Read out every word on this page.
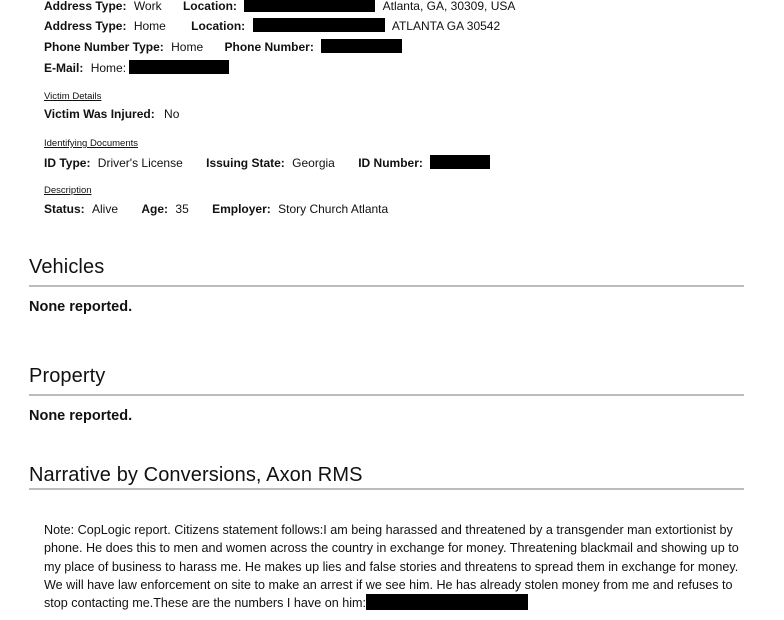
Address Type: Work Location:	Atlanta, GA, 30309, USA
Address Type: Home Location:	ATLANTA GA 30542
Phone Number Type: Home Phone Number:
E-Mail: Home:
Victim Details
Victim Was Injured: No
Identifying Documents
ID Type: Driver's License Issuing State: Georgia ID Number:
Description
Status: Alive Age: 35 Employer: Story Church Atlanta
Vehicles
None reported.
Property
None reported.
Narrative by Conversions, Axon RMS
Note: CopLogic report. Citizens statement follows:I am being harassed and threatened by a transgender man extortionist by phone. He does this to men and women across the country in exchange for money. Threatening blackmail and showing up to my place of business to harass me. He makes up lies and false stories and threatens to spread them in exchange for money. We will have law enforcement on site to make an arrest if we see him. He has already stolen money from me and refuses to stop contacting me.These are the numbers I have on him:
